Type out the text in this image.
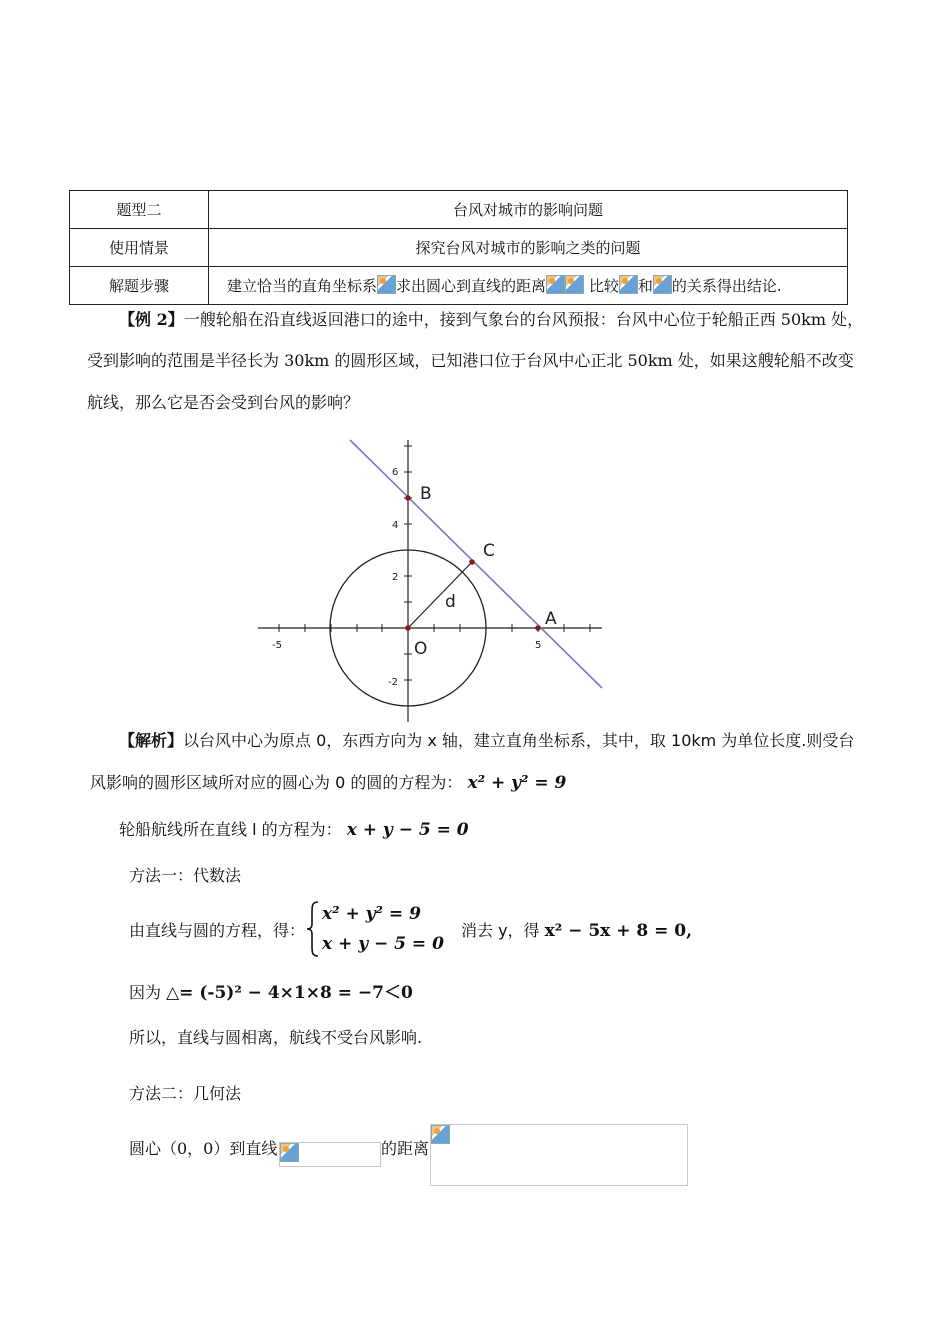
题型二	台风对城市的影响问题
使用情景	探究台风对城市的影响之类的问题
解题步骤	建立恰当的直角坐标系 求出圆心到直线的距离 比较 和 的关系得出结论.
【例 2】一艘轮船在沿直线返回港口的途中，接到气象台的台风预报：台风中心位于轮船正西 50km 处，
受到影响的范围是半径长为 30km 的圆形区域，已知港口位于台风中心正北 50km 处，如果这艘轮船不改变
航线，那么它是否会受到台风的影响？
B
C
A
O
d
6
4
2
-2
-5	5
【解析】以台风中心为原点 0，东西方向为 x 轴，建立直角坐标系，其中，取 10km 为单位长度.则受台
风影响的圆形区域所对应的圆心为 0 的圆的方程为： x² + y² = 9
轮船航线所在直线 l 的方程为： x + y − 5 = 0
方法一：代数法
由直线与圆的方程，得：
x² + y² = 9
x + y − 5 = 0
消去 y，得 x² − 5x + 8 = 0,
因为 △= (-5)² − 4×1×8 = −7＜0
所以，直线与圆相离，航线不受台风影响.
方法二：几何法
圆心（0，0）到直线	的距离
